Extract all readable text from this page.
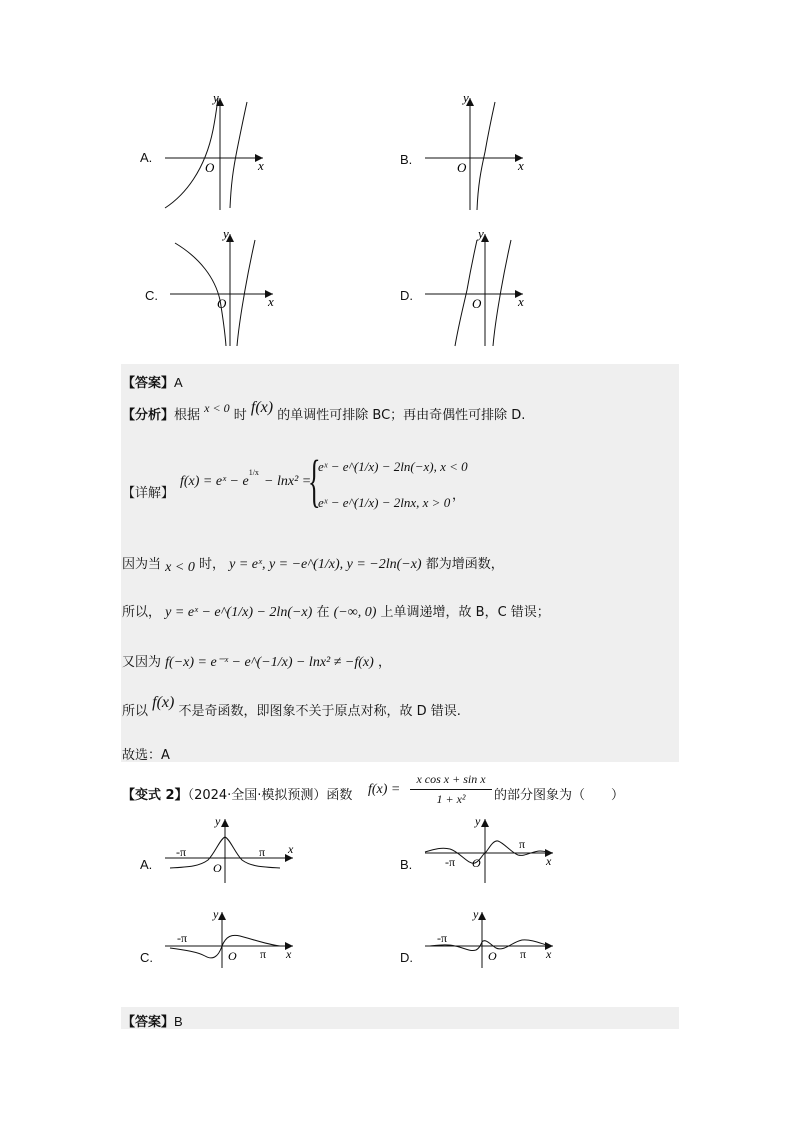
A.
x
y
O
B.	x
y
O
C.	x
y
O
D.	x
y
O
【答案】A
【分析】根据 x < 0 时 f(x) 的单调性可排除 BC；再由奇偶性可排除 D.
【详解】
f(x) = eˣ − $e^{1/x} - \ln x^2$ =
{
eˣ − e^(1/x) − 2ln(−x), x < 0
eˣ − e^(1/x) − 2lnx, x > 0 ，
因为当 x < 0 时， y = eˣ, y = −e^(1/x), y = −2ln(−x) 都为增函数，
所以， y = eˣ − e^(1/x) − 2ln(−x) 在 (−∞, 0) 上单调递增，故 B，C 错误；
又因为 f(−x) = e⁻ˣ − e^(−1/x) − lnx² ≠ −f(x) ，
所以 f(x) 不是奇函数，即图象不关于原点对称，故 D 错误.
故选：A
【变式 2】（2024·全国·模拟预测）函数 $f(x) = \frac{\text{x cos x + sin x}}{\text{1 + x²}}$ 的部分图象为（　　）
A.
-π	π x
y
O	B.	-π
π
x
y
O
C.
-π
π x
y
O	D.
-π
π x
y
O
【答案】B
